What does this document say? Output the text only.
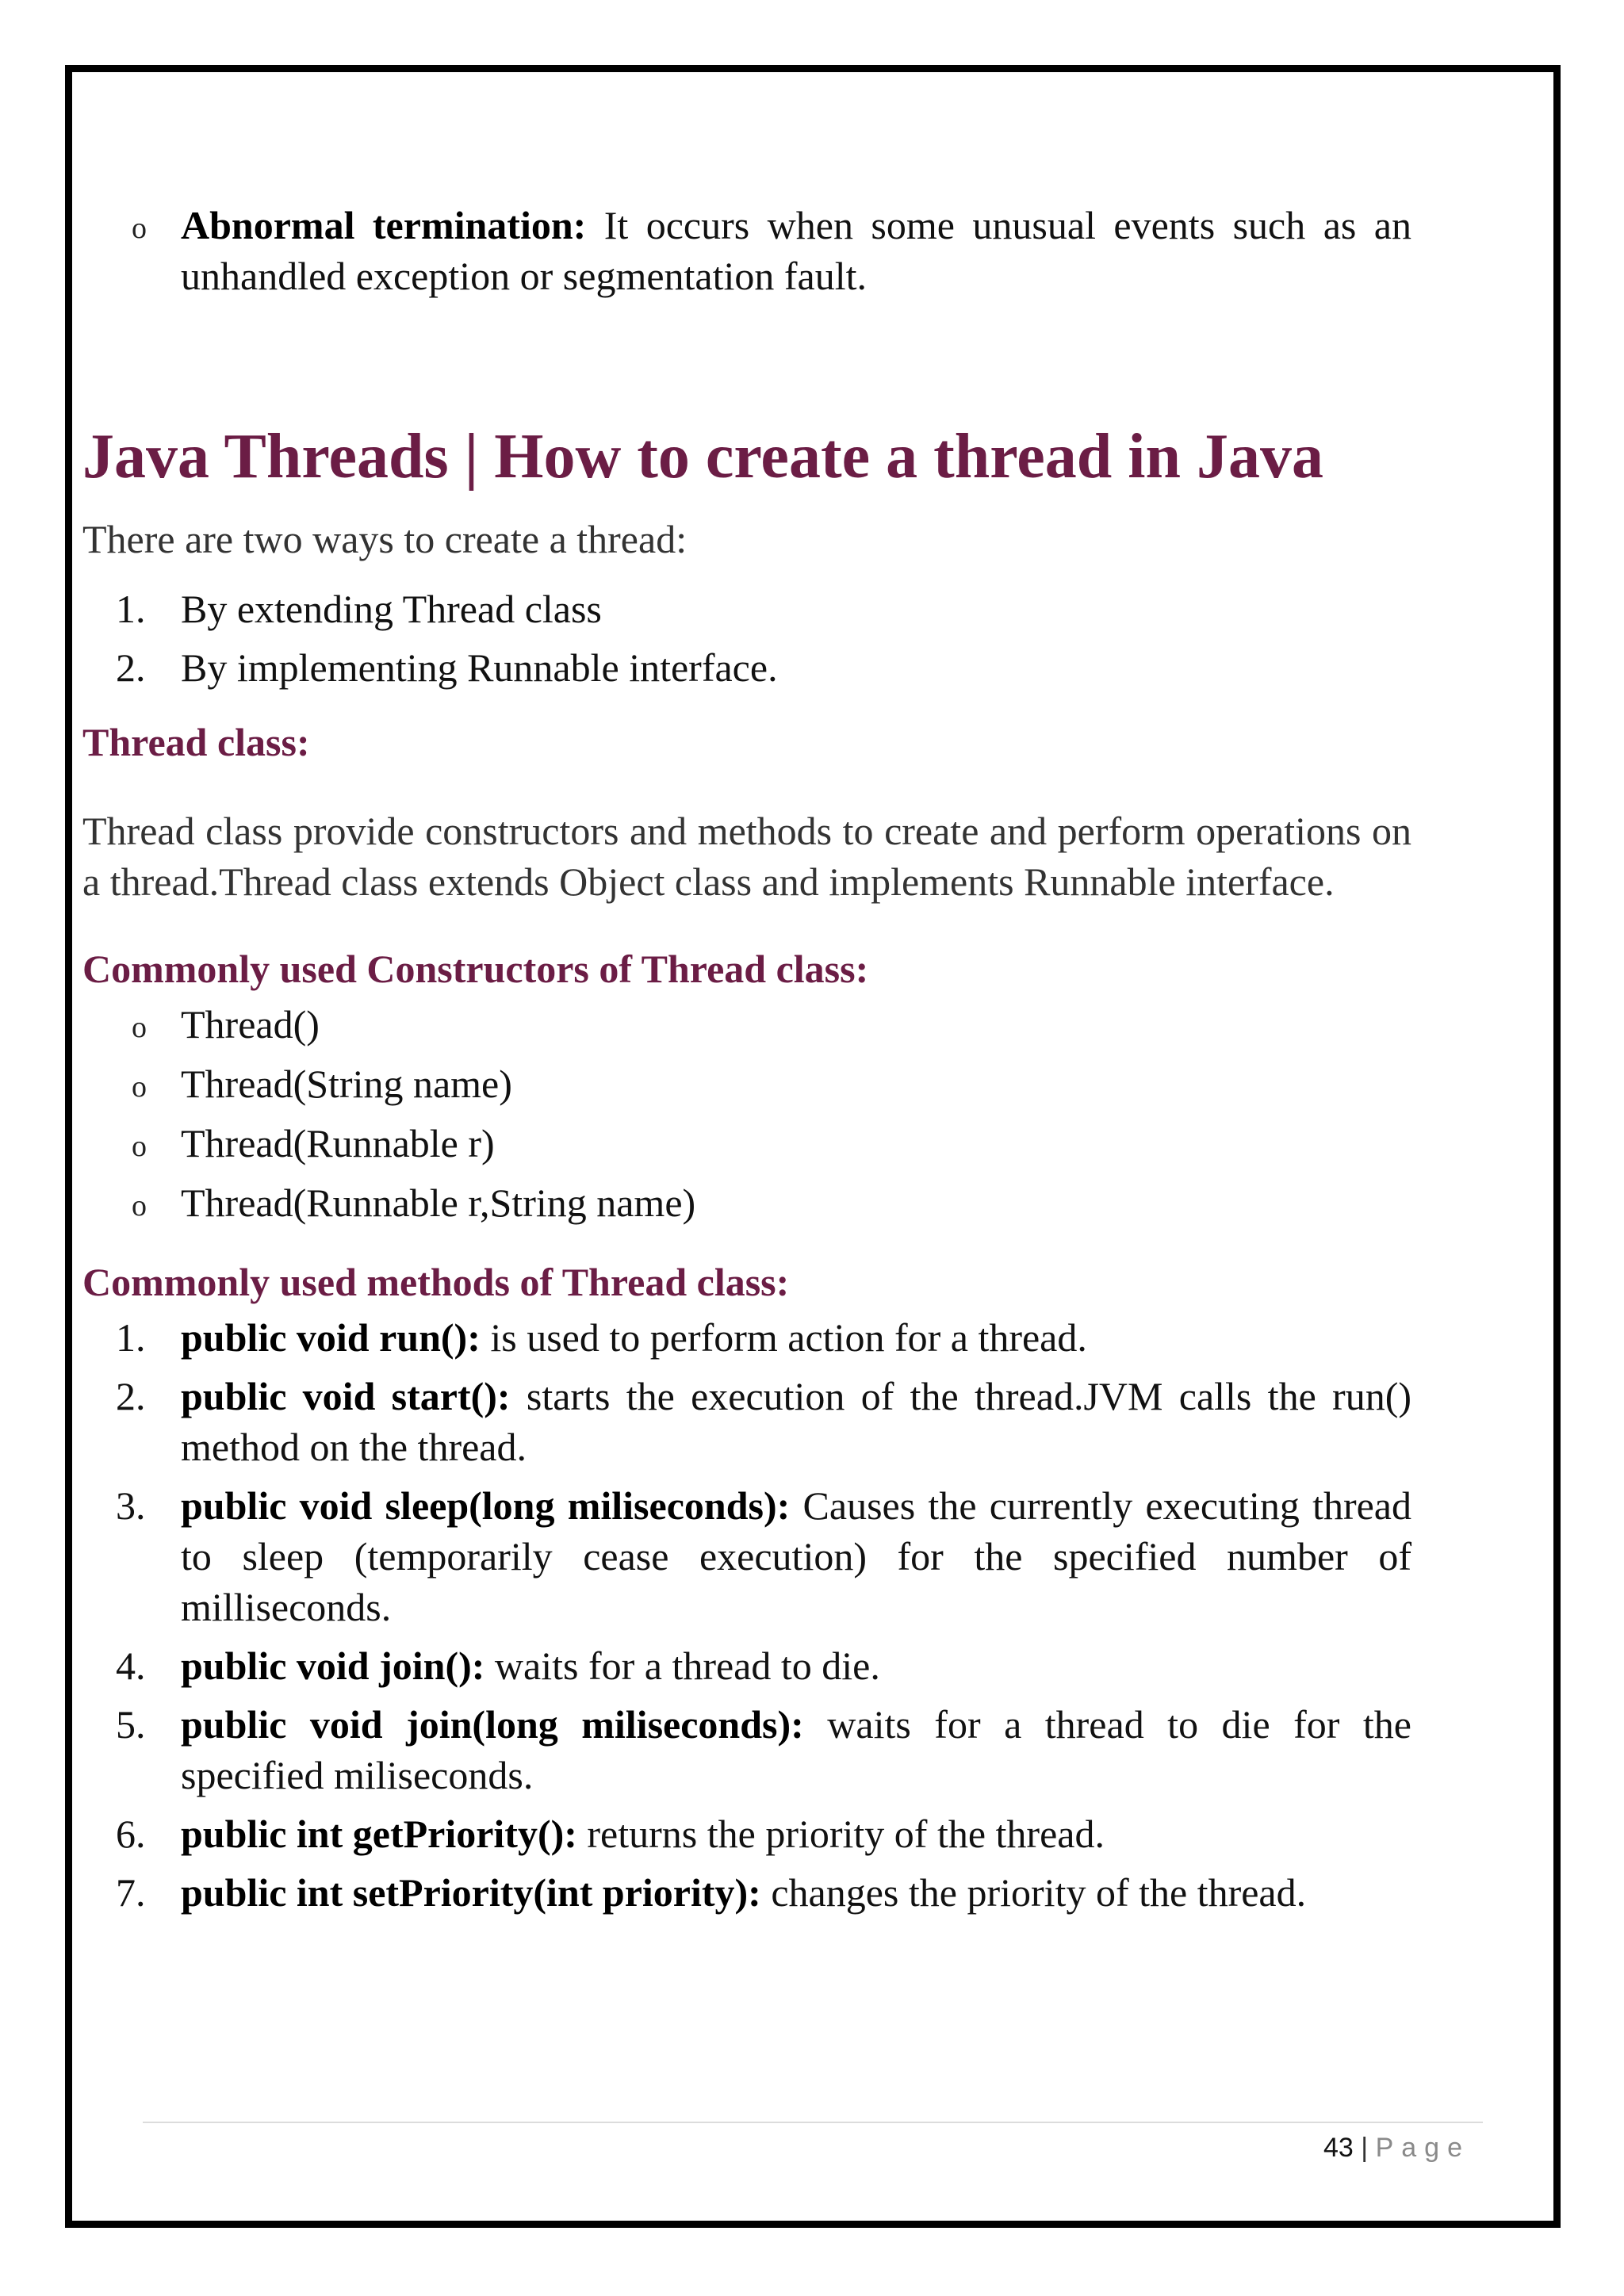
o Abnormal termination: It occurs when some unusual events such as an unhandled exception or segmentation fault.
Java Threads | How to create a thread in Java

There are two ways to create a thread:

1. By extending Thread class
2. By implementing Runnable interface.
Thread class:

Thread class provide constructors and methods to create and perform operations on a thread.Thread class extends Object class and implements Runnable interface.

Commonly used Constructors of Thread class:
o Thread()
o Thread(String name)
o Thread(Runnable r)
o Thread(Runnable r,String name)
Commonly used methods of Thread class:
1. public void run(): is used to perform action for a thread.
2. public void start(): starts the execution of the thread.JVM calls the run() method on the thread.
3. public void sleep(long miliseconds): Causes the currently executing thread to sleep (temporarily cease execution) for the specified number of milliseconds.
4. public void join(): waits for a thread to die.
5. public void join(long miliseconds): waits for a thread to die for the specified miliseconds.
6. public int getPriority(): returns the priority of the thread.
7. public int setPriority(int priority): changes the priority of the thread.
43 | Page
